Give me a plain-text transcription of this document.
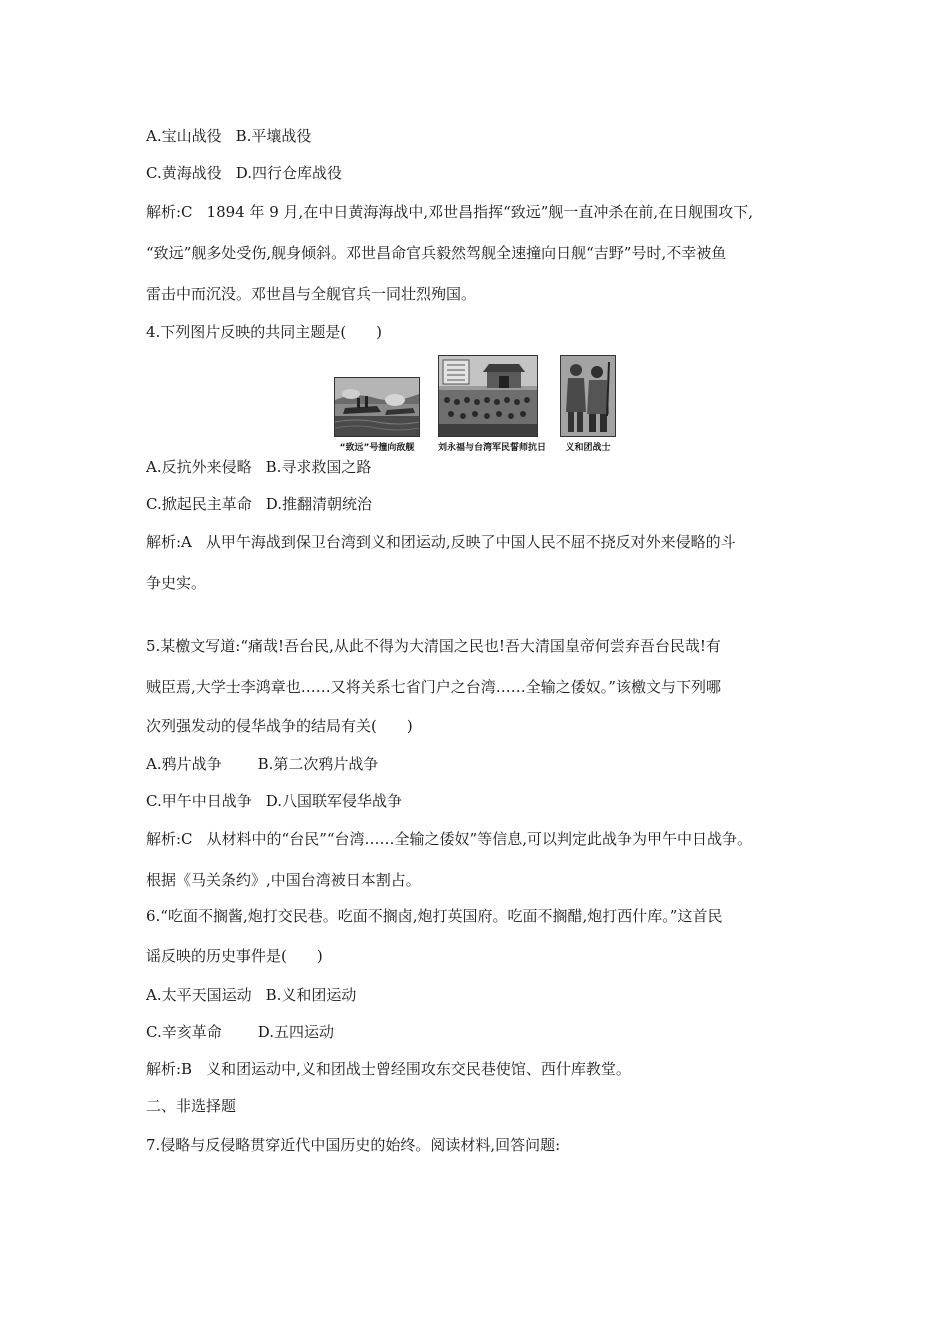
A.宝山战役 B.平壤战役
C.黄海战役 D.四行仓库战役
解析:C 1894 年 9 月,在中日黄海海战中,邓世昌指挥“致远”舰一直冲杀在前,在日舰围攻下,
“致远”舰多处受伤,舰身倾斜。邓世昌命官兵毅然驾舰全速撞向日舰“吉野”号时,不幸被鱼
雷击中而沉没。邓世昌与全舰官兵一同壮烈殉国。
4.下列图片反映的共同主题是(　　)
“致远”号撞向敌舰	刘永福与台湾军民誓师抗日	义和团战士
A.反抗外来侵略 B.寻求救国之路
C.掀起民主革命 D.推翻清朝统治
解析:A 从甲午海战到保卫台湾到义和团运动,反映了中国人民不屈不挠反对外来侵略的斗
争史实。
5.某檄文写道:“痛哉!吾台民,从此不得为大清国之民也!吾大清国皇帝何尝弃吾台民哉!有
贼臣焉,大学士李鸿章也……又将关系七省门户之台湾……全输之倭奴。”该檄文与下列哪
次列强发动的侵华战争的结局有关(　　)
A.鸦片战争 B.第二次鸦片战争
C.甲午中日战争 D.八国联军侵华战争
解析:C 从材料中的“台民”“台湾……全输之倭奴”等信息,可以判定此战争为甲午中日战争。
根据《马关条约》,中国台湾被日本割占。
6.“吃面不搁酱,炮打交民巷。吃面不搁卤,炮打英国府。吃面不搁醋,炮打西什库。”这首民
谣反映的历史事件是(　　)
A.太平天国运动 B.义和团运动
C.辛亥革命 D.五四运动
解析:B 义和团运动中,义和团战士曾经围攻东交民巷使馆、西什库教堂。
二、非选择题
7.侵略与反侵略贯穿近代中国历史的始终。阅读材料,回答问题:
